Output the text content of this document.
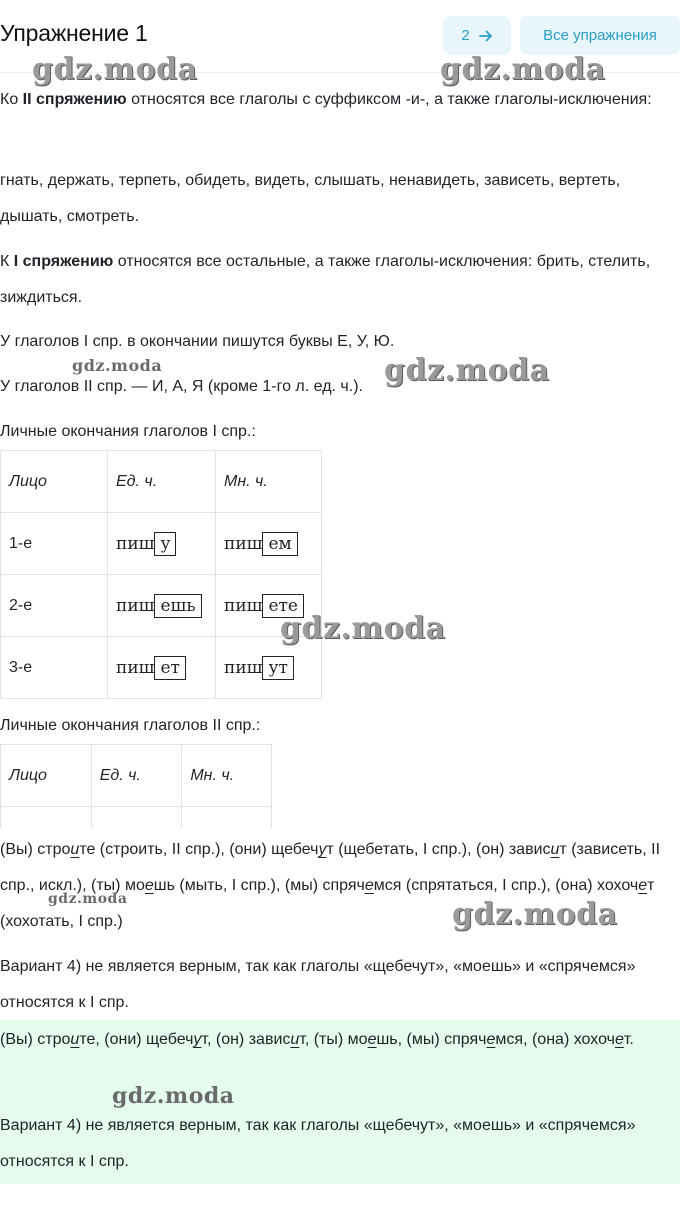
Упражнение 1	2	Все упражнения
Ко II спряжению относятся все глаголы с суффиксом -и-, а также глаголы-исключения:
гнать, держать, терпеть, обидеть, видеть, слышать, ненавидеть, зависеть, вертеть, дышать, смотреть.
К I спряжению относятся все остальные, а также глаголы-исключения: брить, стелить, зиждиться.
У глаголов I спр. в окончании пишутся буквы Е, У, Ю.
У глаголов II спр. — И, А, Я (кроме 1-го л. ед. ч.).
Личные окончания глаголов I спр.:
Лицо	Ед. ч.	Мн. ч.
1-е	пиш у	пиш ем
2-е	пиш ешь	пиш ете
3-е	пиш ет	пиш ут
Личные окончания глаголов II спр.:
Лицо	Ед. ч.	Мн. ч.

(Вы) строите (строить, II спр.), (они) щебечут (щебетать, I спр.), (он) зависит (зависеть, II спр., искл.), (ты) моешь (мыть, I спр.), (мы) спрячемся (спрятаться, I спр.), (она) хохочет (хохотать, I спр.)
Вариант 4) не является верным, так как глаголы «щебечут», «моешь» и «спрячемся» относятся к I спр.
(Вы) строите, (они) щебечут, (он) зависит, (ты) моешь, (мы) спрячемся, (она) хохочет.
Вариант 4) не является верным, так как глаголы «щебечут», «моешь» и «спрячемся» относятся к I спр.
gdz.moda	gdz.moda
gdz.moda	gdz.moda
gdz.moda
gdz.moda	gdz.moda
gdz.moda
